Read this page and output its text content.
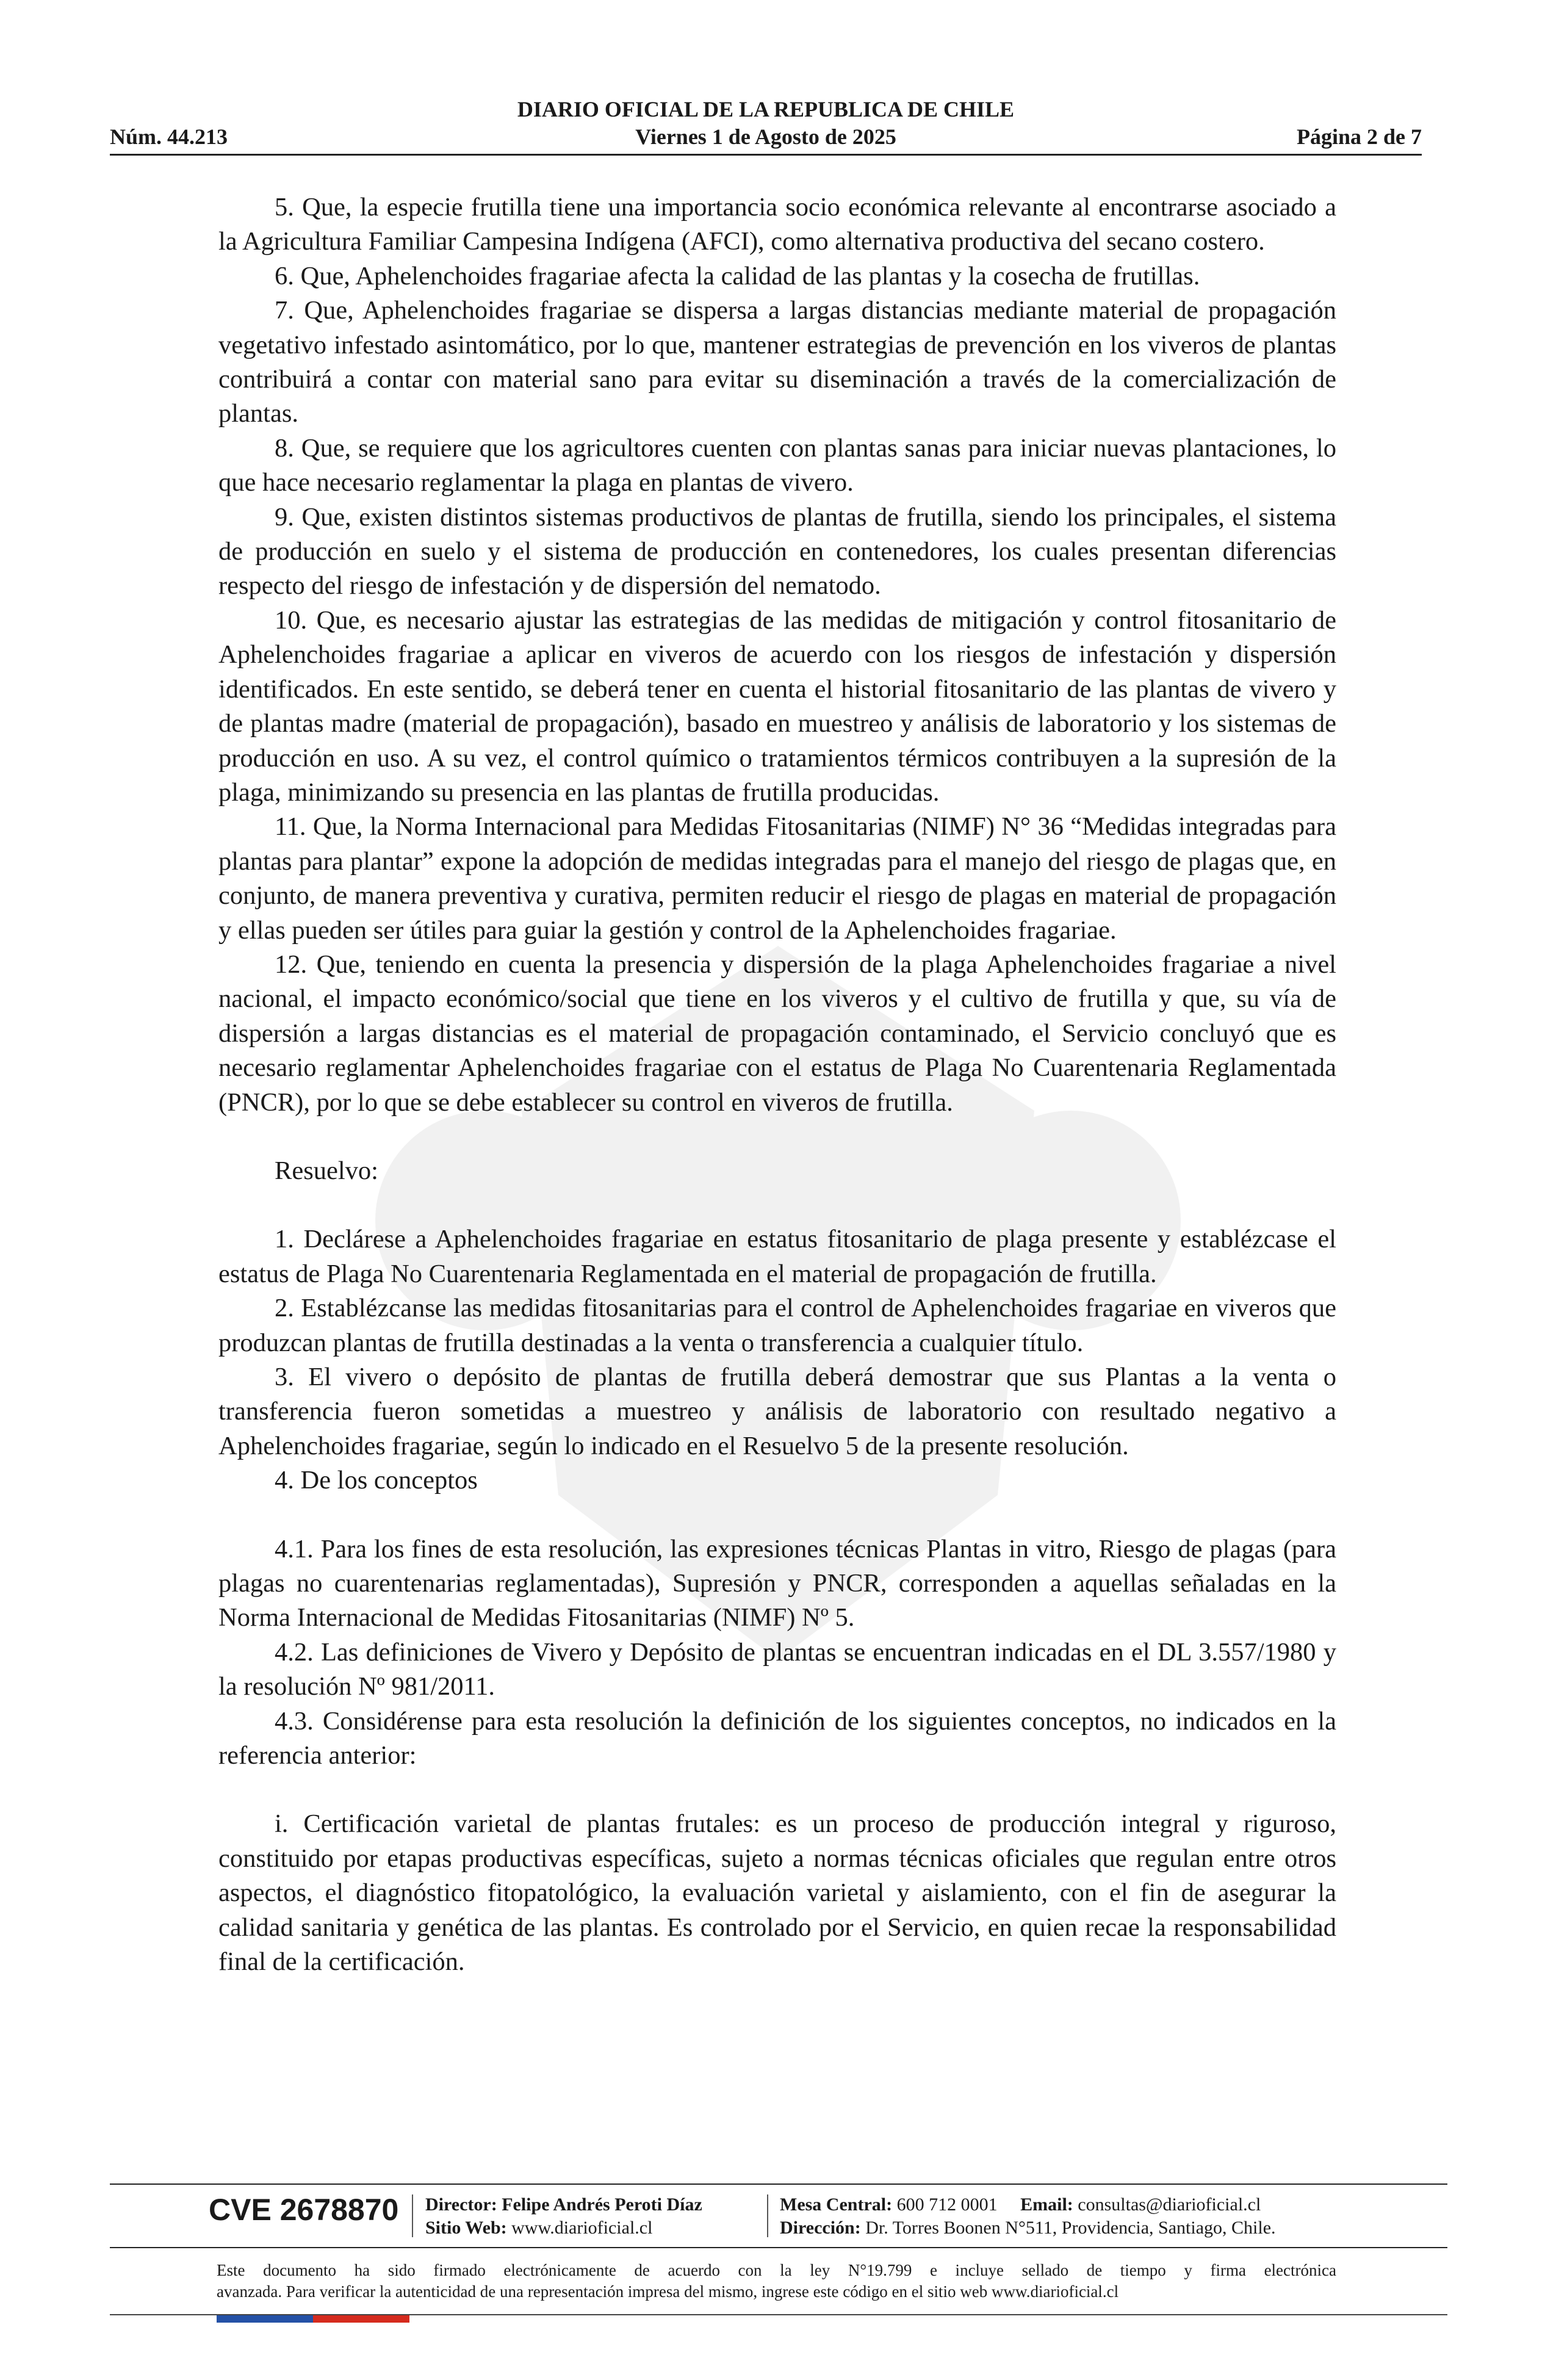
DIARIO OFICIAL DE LA REPUBLICA DE CHILE
Núm. 44.213	Viernes 1 de Agosto de 2025	Página 2 de 7

5. Que, la especie frutilla tiene una importancia socio económica relevante al encontrarse asociado a la Agricultura Familiar Campesina Indígena (AFCI), como alternativa productiva del secano costero.

6. Que, Aphelenchoides fragariae afecta la calidad de las plantas y la cosecha de frutillas.

7. Que, Aphelenchoides fragariae se dispersa a largas distancias mediante material de propagación vegetativo infestado asintomático, por lo que, mantener estrategias de prevención en los viveros de plantas contribuirá a contar con material sano para evitar su diseminación a través de la comercialización de plantas.

8. Que, se requiere que los agricultores cuenten con plantas sanas para iniciar nuevas plantaciones, lo que hace necesario reglamentar la plaga en plantas de vivero.

9. Que, existen distintos sistemas productivos de plantas de frutilla, siendo los principales, el sistema de producción en suelo y el sistema de producción en contenedores, los cuales presentan diferencias respecto del riesgo de infestación y de dispersión del nematodo.

10. Que, es necesario ajustar las estrategias de las medidas de mitigación y control fitosanitario de Aphelenchoides fragariae a aplicar en viveros de acuerdo con los riesgos de infestación y dispersión identificados. En este sentido, se deberá tener en cuenta el historial fitosanitario de las plantas de vivero y de plantas madre (material de propagación), basado en muestreo y análisis de laboratorio y los sistemas de producción en uso. A su vez, el control químico o tratamientos térmicos contribuyen a la supresión de la plaga, minimizando su presencia en las plantas de frutilla producidas.

11. Que, la Norma Internacional para Medidas Fitosanitarias (NIMF) N° 36 “Medidas integradas para plantas para plantar” expone la adopción de medidas integradas para el manejo del riesgo de plagas que, en conjunto, de manera preventiva y curativa, permiten reducir el riesgo de plagas en material de propagación y ellas pueden ser útiles para guiar la gestión y control de la Aphelenchoides fragariae.

12. Que, teniendo en cuenta la presencia y dispersión de la plaga Aphelenchoides fragariae a nivel nacional, el impacto económico/social que tiene en los viveros y el cultivo de frutilla y que, su vía de dispersión a largas distancias es el material de propagación contaminado, el Servicio concluyó que es necesario reglamentar Aphelenchoides fragariae con el estatus de Plaga No Cuarentenaria Reglamentada (PNCR), por lo que se debe establecer su control en viveros de frutilla.

Resuelvo:

1. Declárese a Aphelenchoides fragariae en estatus fitosanitario de plaga presente y establézcase el estatus de Plaga No Cuarentenaria Reglamentada en el material de propagación de frutilla.

2. Establézcanse las medidas fitosanitarias para el control de Aphelenchoides fragariae en viveros que produzcan plantas de frutilla destinadas a la venta o transferencia a cualquier título.

3. El vivero o depósito de plantas de frutilla deberá demostrar que sus Plantas a la venta o transferencia fueron sometidas a muestreo y análisis de laboratorio con resultado negativo a Aphelenchoides fragariae, según lo indicado en el Resuelvo 5 de la presente resolución.

4. De los conceptos

4.1. Para los fines de esta resolución, las expresiones técnicas Plantas in vitro, Riesgo de plagas (para plagas no cuarentenarias reglamentadas), Supresión y PNCR, corresponden a aquellas señaladas en la Norma Internacional de Medidas Fitosanitarias (NIMF) Nº 5.

4.2. Las definiciones de Vivero y Depósito de plantas se encuentran indicadas en el DL 3.557/1980 y la resolución Nº 981/2011.

4.3. Considérense para esta resolución la definición de los siguientes conceptos, no indicados en la referencia anterior:

i. Certificación varietal de plantas frutales: es un proceso de producción integral y riguroso, constituido por etapas productivas específicas, sujeto a normas técnicas oficiales que regulan entre otros aspectos, el diagnóstico fitopatológico, la evaluación varietal y aislamiento, con el fin de asegurar la calidad sanitaria y genética de las plantas. Es controlado por el Servicio, en quien recae la responsabilidad final de la certificación.

CVE 2678870 Director: Felipe Andrés Peroti Díaz
Sitio Web: www.diarioficial.cl
Mesa Central: 600 712 0001 Email: consultas@diarioficial.cl
Dirección: Dr. Torres Boonen N°511, Providencia, Santiago, Chile.
Este documento ha sido firmado electrónicamente de acuerdo con la ley N°19.799 e incluye sellado de tiempo y firma electrónica
avanzada. Para verificar la autenticidad de una representación impresa del mismo, ingrese este código en el sitio web www.diarioficial.cl
